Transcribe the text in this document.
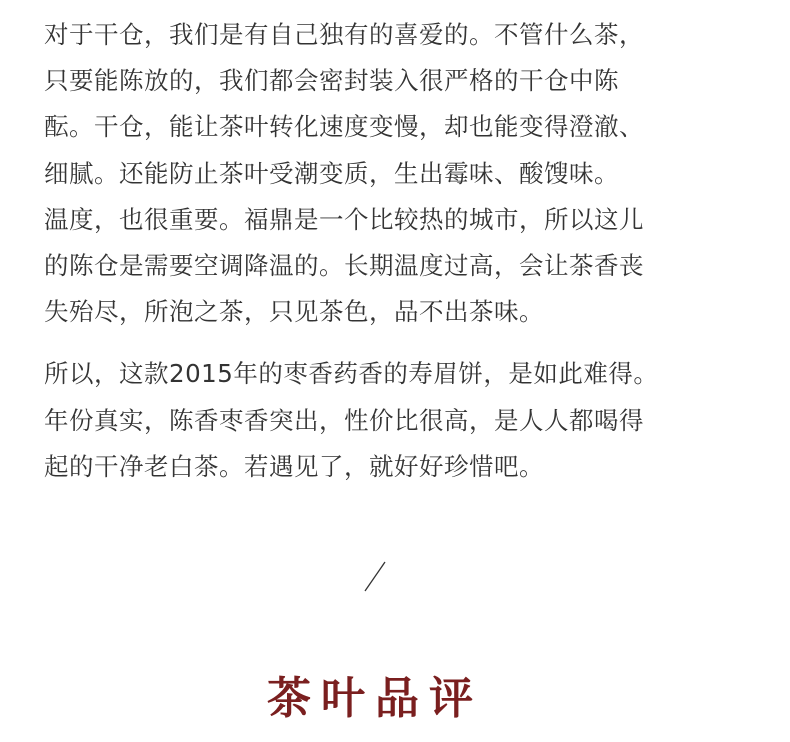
对于干仓，我们是有自己独有的喜爱的。不管什么茶，

只要能陈放的，我们都会密封装入很严格的干仓中陈

酝。干仓，能让茶叶转化速度变慢，却也能变得澄澈、

细腻。还能防止茶叶受潮变质，生出霉味、酸馊味。

温度，也很重要。福鼎是一个比较热的城市，所以这儿

的陈仓是需要空调降温的。长期温度过高，会让茶香丧

失殆尽，所泡之茶，只见茶色，品不出茶味。

所以，这款2015年的枣香药香的寿眉饼，是如此难得。

年份真实，陈香枣香突出，性价比很高，是人人都喝得

起的干净老白茶。若遇见了，就好好珍惜吧。

茶叶品评
